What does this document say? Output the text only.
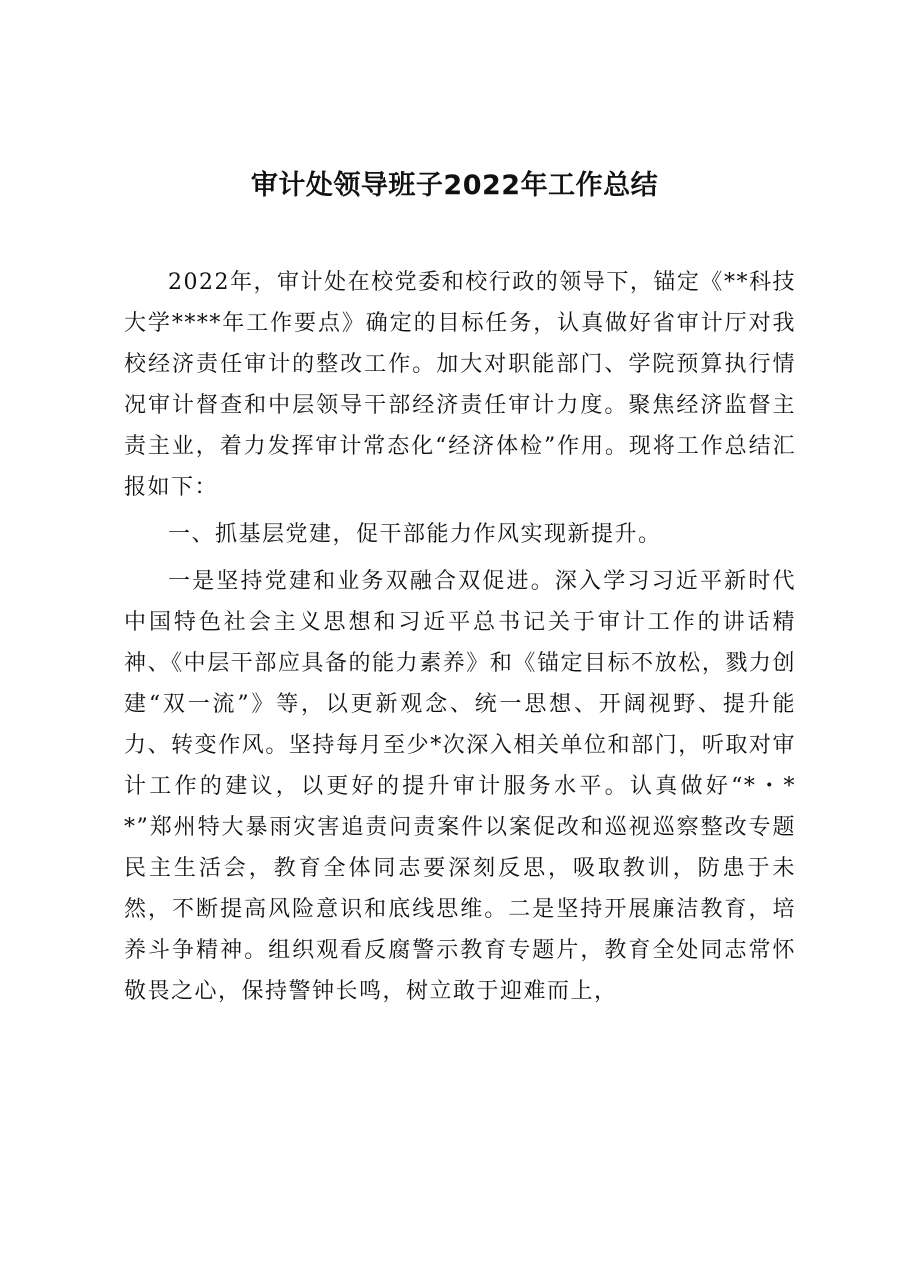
审计处领导班子2022年工作总结

2022年，审计处在校党委和校行政的领导下，锚定《**科技大学****年工作要点》确定的目标任务，认真做好省审计厅对我校经济责任审计的整改工作。加大对职能部门、学院预算执行情况审计督查和中层领导干部经济责任审计力度。聚焦经济监督主责主业，着力发挥审计常态化“经济体检”作用。现将工作总结汇报如下：

一、抓基层党建，促干部能力作风实现新提升。

一是坚持党建和业务双融合双促进。深入学习习近平新时代中国特色社会主义思想和习近平总书记关于审计工作的讲话精神、《中层干部应具备的能力素养》和《锚定目标不放松，戮力创建“双一流”》等，以更新观念、统一思想、开阔视野、提升能力、转变作风。坚持每月至少*次深入相关单位和部门，听取对审计工作的建议，以更好的提升审计服务水平。认真做好“*・**”郑州特大暴雨灾害追责问责案件以案促改和巡视巡察整改专题民主生活会，教育全体同志要深刻反思，吸取教训，防患于未然，不断提高风险意识和底线思维。二是坚持开展廉洁教育，培养斗争精神。组织观看反腐警示教育专题片，教育全处同志常怀敬畏之心，保持警钟长鸣，树立敢于迎难而上，
